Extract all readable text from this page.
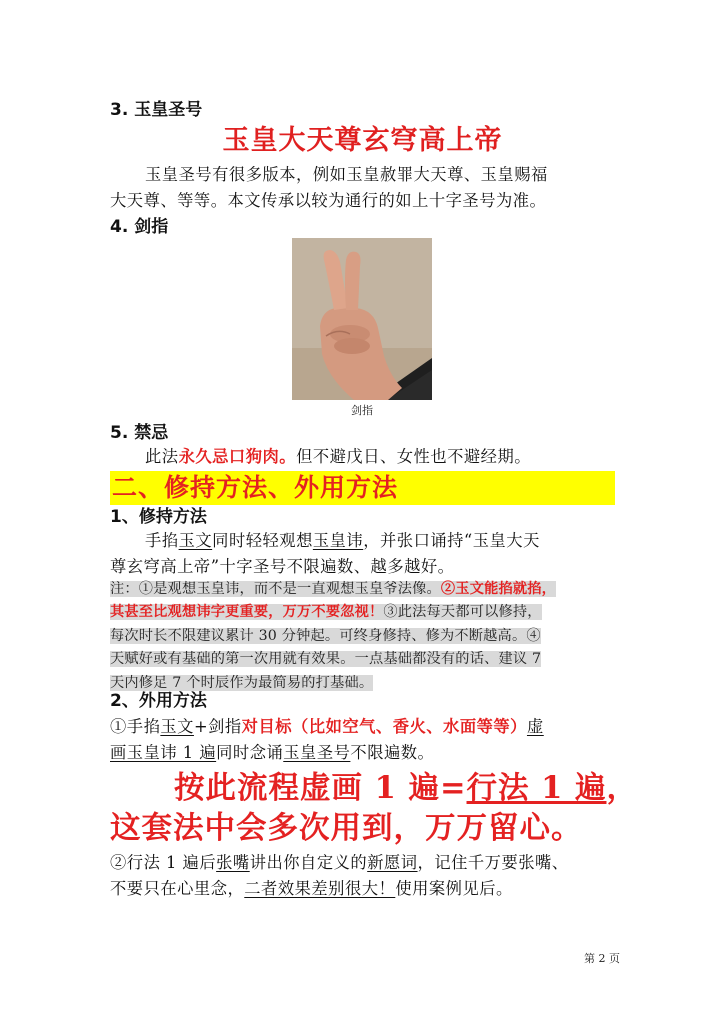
3. 玉皇圣号
玉皇大天尊玄穹高上帝
玉皇圣号有很多版本，例如玉皇赦罪大天尊、玉皇赐福
大天尊、等等。本文传承以较为通行的如上十字圣号为准。
4. 剑指
剑指
5. 禁忌
此法永久忌口狗肉。但不避戊日、女性也不避经期。
二、修持方法、外用方法
1、修持方法
手掐玉文同时轻轻观想玉皇讳，并张口诵持“玉皇大天
尊玄穹高上帝”十字圣号不限遍数、越多越好。
注：①是观想玉皇讳，而不是一直观想玉皇爷法像。②玉文能掐就掐，
其甚至比观想讳字更重要，万万不要忽视！③此法每天都可以修持，
每次时长不限建议累计 30 分钟起。可终身修持、修为不断越高。④
天赋好或有基础的第一次用就有效果。一点基础都没有的话、建议 7
天内修足 7 个时辰作为最简易的打基础。
2、外用方法
①手掐玉文+剑指对目标（比如空气、香火、水面等等）虚
画玉皇讳 1 遍同时念诵玉皇圣号不限遍数。
按此流程虚画 1 遍=行法 1 遍，
这套法中会多次用到，万万留心。
②行法 1 遍后张嘴讲出你自定义的新愿词，记住千万要张嘴、
不要只在心里念，二者效果差别很大！使用案例见后。
第 2 页
